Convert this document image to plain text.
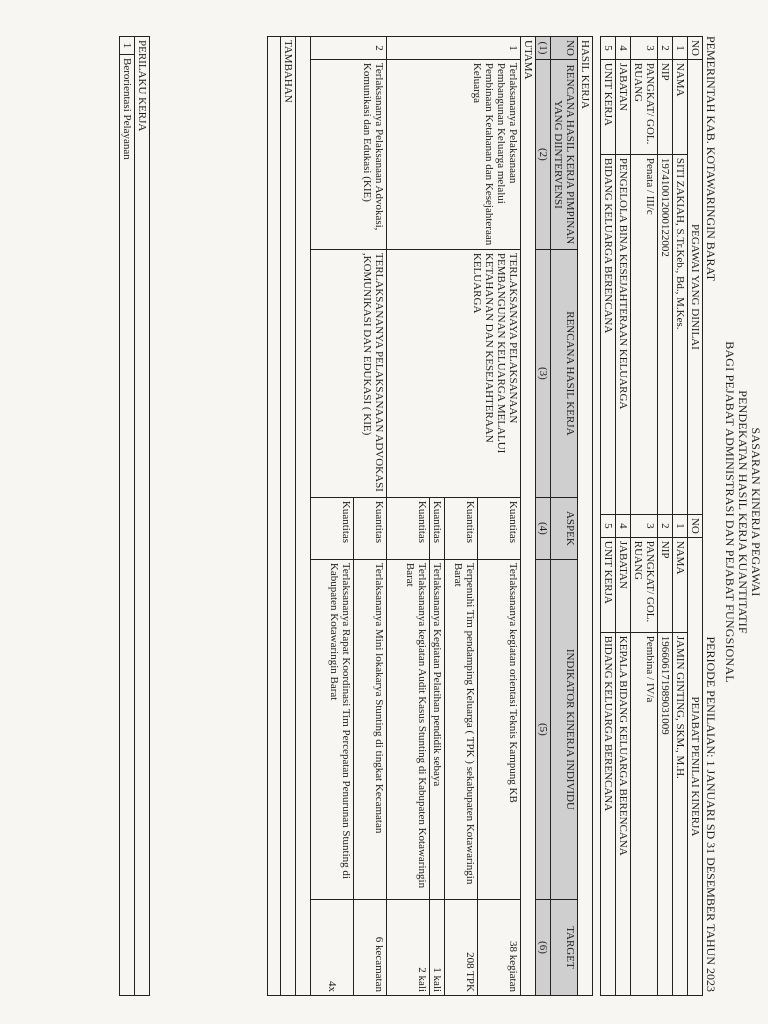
SASARAN KINERJA PEGAWAI
PENDEKATAN HASIL KERJA KUANTITATIF
BAGI PEJABAT ADMINISTRASI DAN PEJABAT FUNGSIONAL
PEMERINTAH KAB. KOTAWARINGIN BARAT
PERIODE PENILAIAN: 1 JANUARI SD 31 DESEMBER TAHUN 2023
NO	PEGAWAI YANG DINILAI		NO	PEJABAT PENILAI KINERJA	
1	NAMA	SITI ZAKIAH, S.Tr.Keb., Bd., M.Kes.	1	NAMA	JAMIN GINTING, SKM., M.H.
2	NIP	197410012000122002	2	NIP	196606171989031009
3	PANGKAT/ GOL. RUANG	Penata / III/c	3	PANGKAT/ GOL. RUANG	Pembina / IV/a
4	JABATAN	PENGELOLA BINA KESEJAHTERAAN KELUARGA	4	JABATAN	KEPALA BIDANG KELUARGA BERENCANA
5	UNIT KERJA	BIDANG KELUARGA BERENCANA	5	UNIT KERJA	BIDANG KELUARGA BERENCANA
HASIL KERJA					
NO	RENCANA HASIL KERJA PIMPINAN YANG DIINTERVENSI	RENCANA HASIL KERJA	ASPEK	INDIKATOR KINERJA INDIVIDU	TARGET
(1)	(2)	(3)	(4)	(5)	(6)
UTAMA					
1	Terlaksananya Pelaksanaan Pembangunan Keluarga melalui Pembinaan Ketahanan dan Kesejahteraan Keluarga	TERLAKSANAYA PELAKSANAAN PEMBANGUNAN KELUARGA MELALUI KETAHANAN DAN KESEJAHTERAAN KELUARGA	Kuantitas	Terlaksananya kegiatan orientasi Teknis Kampung KB	38 kegiatan
			Kuantitas	Terpenuhi Tim pendamping Keluarga ( TPK ) sekabupaten Kotawaringin Barat	208 TPK
			Kuantitas	Terlaksananya Kegiatan Pelatihan pendidik sebaya	1 kali
			Kuantitas	Terlaksananya kegiatan Audit Kasus Stunting di Kabupaten Kotawaringin Barat	2 kali
2	Terlaksananya Pelaksanaan Advokasi, Komunikasi dan Edukasi (KIE)	TERLAKSANANYA PELAKSANAAN ADVOKASI ,KOMUNIKASI DAN EDUKASI ( KIE)	Kuantitas	Terlaksananya Mini lokakarya Stunting di tingkat Kecamatan	6 kecamatan
			Kuantitas	Terlaksananya Rapat Koordinasi Tim Percepatan Penurunan Stunting di Kabupaten Kotawaringin Barat	4x

TAMBAHAN					

PERILAKU KERJA
1	Berorientasi Pelayanan
